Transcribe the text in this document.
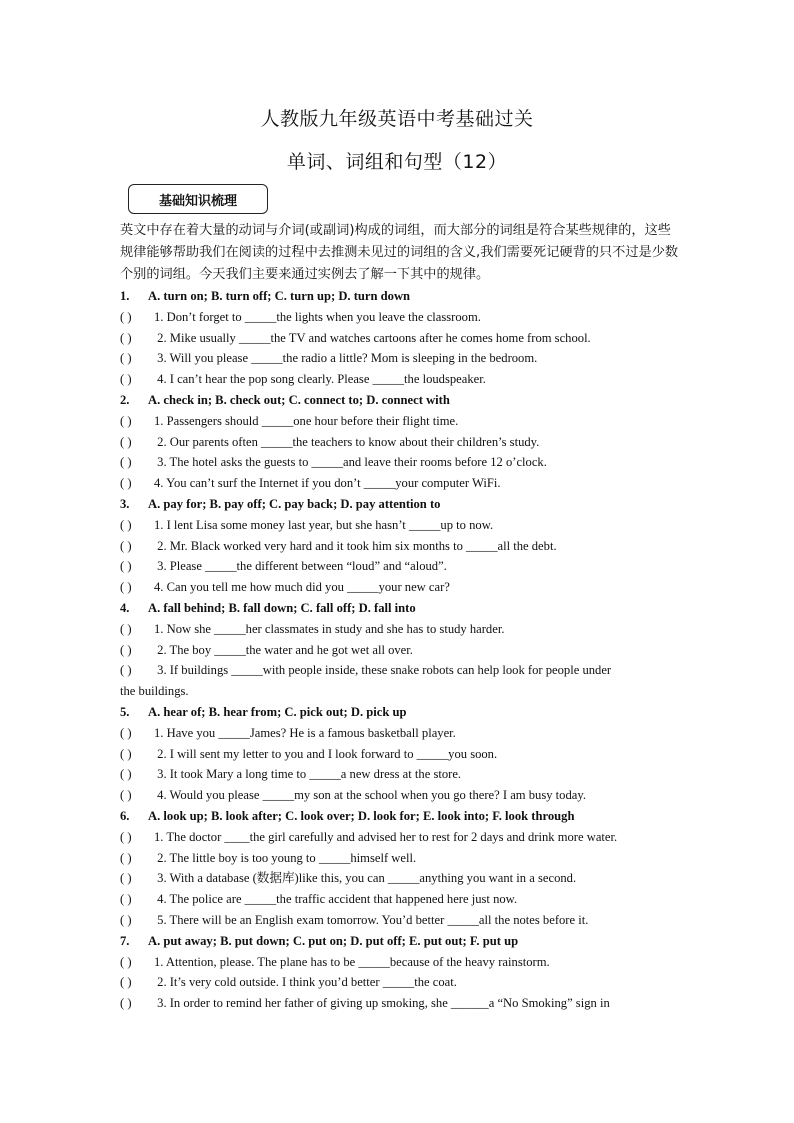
人教版九年级英语中考基础过关
单词、词组和句型（12）
基础知识梳理
英文中存在着大量的动词与介词(或副词)构成的词组，而大部分的词组是符合某些规律的，这些规律能够帮助我们在阅读的过程中去推测未见过的词组的含义,我们需要死记硬背的只不过是少数 个别的词组。今天我们主要来通过实例去了解一下其中的规律。
1. A. turn on; B. turn off; C. turn up; D. turn down
( ) 1. Don’t forget to _____the lights when you leave the classroom.
( ) 2. Mike usually _____the TV and watches cartoons after he comes home from school.
( ) 3. Will you please _____the radio a little? Mom is sleeping in the bedroom.
( ) 4. I can’t hear the pop song clearly. Please _____the loudspeaker.
2. A. check in; B. check out; C. connect to; D. connect with
( ) 1. Passengers should _____one hour before their flight time.
( ) 2. Our parents often _____the teachers to know about their children’s study.
( ) 3. The hotel asks the guests to _____and leave their rooms before 12 o’clock.
( ) 4. You can’t surf the Internet if you don’t _____your computer WiFi.
3. A. pay for; B. pay off; C. pay back; D. pay attention to
( ) 1. I lent Lisa some money last year, but she hasn’t _____up to now.
( ) 2. Mr. Black worked very hard and it took him six months to _____all the debt.
( ) 3. Please _____the different between “loud” and “aloud”.
( ) 4. Can you tell me how much did you _____your new car?
4. A. fall behind; B. fall down; C. fall off; D. fall into
( ) 1. Now she _____her classmates in study and she has to study harder.
( ) 2. The boy _____the water and he got wet all over.
( ) 3. If buildings _____with people inside, these snake robots can help look for people under
the buildings.
5. A. hear of; B. hear from; C. pick out; D. pick up
( ) 1. Have you _____James? He is a famous basketball player.
( ) 2. I will sent my letter to you and I look forward to _____you soon.
( ) 3. It took Mary a long time to _____a new dress at the store.
( ) 4. Would you please _____my son at the school when you go there? I am busy today.
6. A. look up; B. look after; C. look over; D. look for; E. look into; F. look through
( ) 1. The doctor ____the girl carefully and advised her to rest for 2 days and drink more water.
( ) 2. The little boy is too young to _____himself well.
( ) 3. With a database (数据库)like this, you can _____anything you want in a second.
( ) 4. The police are _____the traffic accident that happened here just now.
( ) 5. There will be an English exam tomorrow. You’d better _____all the notes before it.
7. A. put away; B. put down; C. put on; D. put off; E. put out; F. put up
( ) 1. Attention, please. The plane has to be _____because of the heavy rainstorm.
( ) 2. It’s very cold outside. I think you’d better _____the coat.
( ) 3. In order to remind her father of giving up smoking, she ______a “No Smoking” sign in
